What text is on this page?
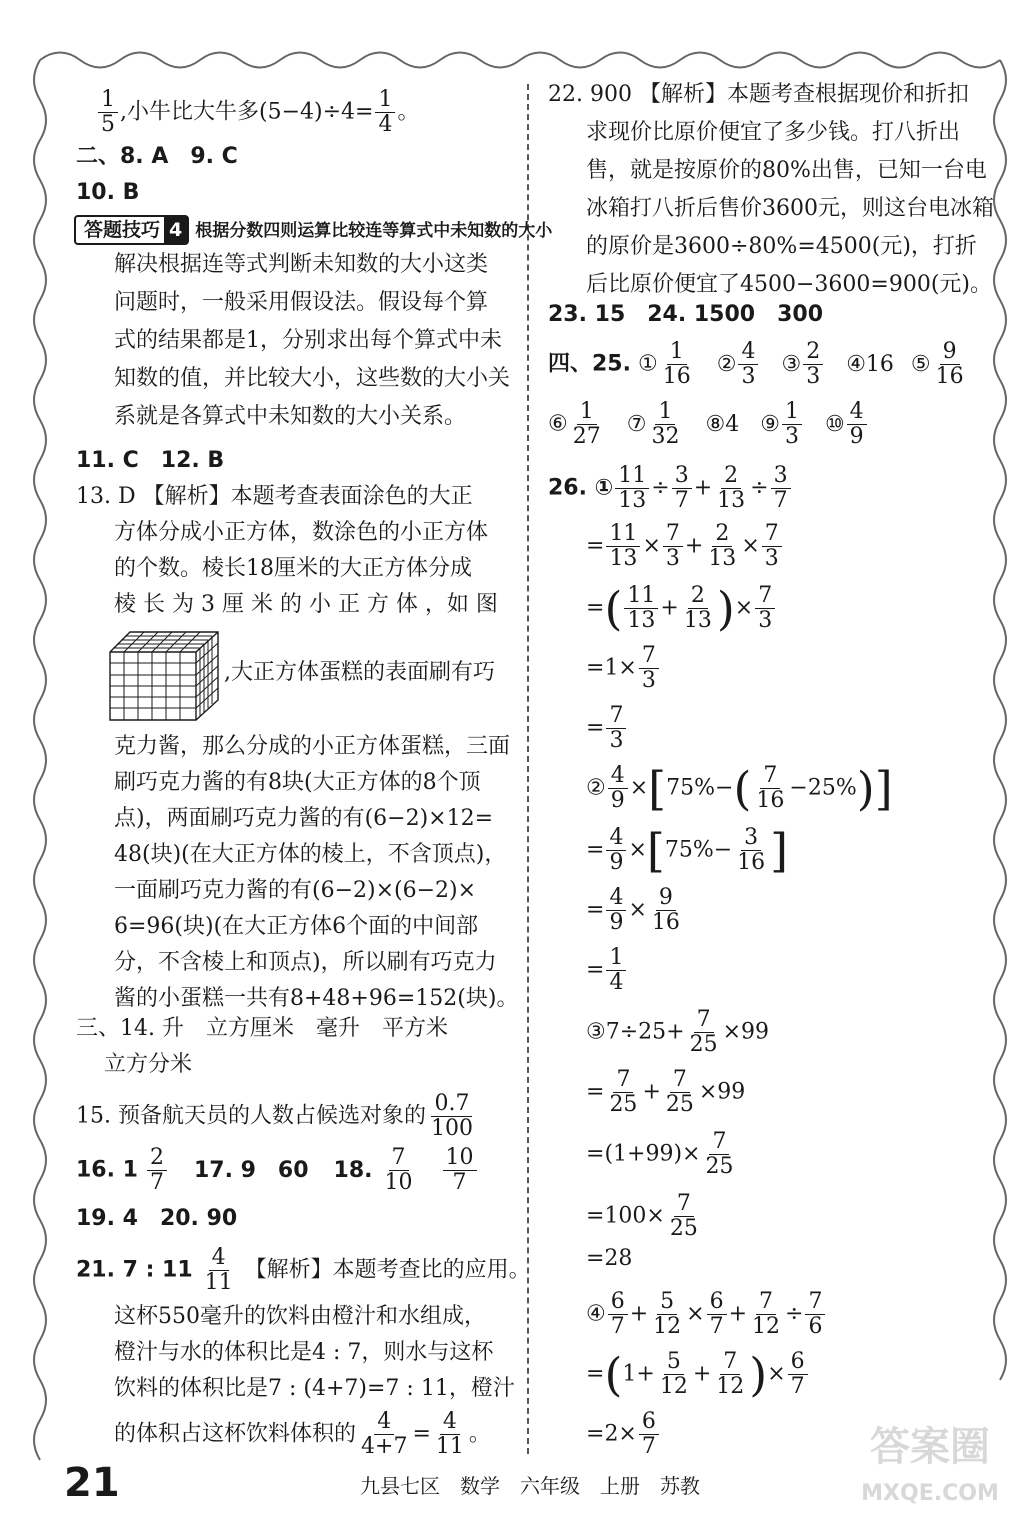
$\frac{1}{5}$ ,小牛比大牛多$(5-4)\div 4= \frac{1}{4}$ 。
二、8. A　9. C
10. B
答题技巧 4 根据分数四则运算比较连等算式中未知数的大小
解决根据连等式判断未知数的大小这类
问题时，一般采用假设法。假设每个算
式的结果都是1，分别求出每个算式中未
知数的值，并比较大小，这些数的大小关
系就是各算式中未知数的大小关系。
11. C　12. B
13. D 【解析】本题考查表面涂色的大正
方体分成小正方体，数涂色的小正方体
的个数。棱长18厘米的大正方体分成
棱 长 为 3 厘 米 的 小 正 方 体 ，如 图
,大正方体蛋糕的表面刷有巧
克力酱，那么分成的小正方体蛋糕，三面
刷巧克力酱的有8块(大正方体的8个顶
点)，两面刷巧克力酱的有(6−2)×12=
48(块)(在大正方体的棱上，不含顶点)，
一面刷巧克力酱的有(6−2)×(6−2)×
6=96(块)(在大正方体6个面的中间部
分，不含棱上和顶点)，所以刷有巧克力
酱的小蛋糕一共有8+48+96=152(块)。
三、14. 升　立方厘米　毫升　平方米
立方分米
15. 预备航天员的人数占候选对象的 $\frac{0.7}{100}$
16. $1 \frac{2}{7} 17$. 9　60 18. $\frac{7}{10}$
$\frac{10}{7}$
19. 4　20. 90
21. 7 : $11 \frac{4}{11}$ 【解析】本题考查比的应用。
这杯550毫升的饮料由橙汁和水组成，
橙汁与水的体积比是4 : 7，则水与这杯
饮料的体积比是7 : (4+7)=7 : 11，橙汁
的体积占这杯饮料体积的 $\frac{4}{4+7} = \frac{4}{11}$ 。
22. 900 【解析】本题考查根据现价和折扣
求现价比原价便宜了多少钱。打八折出
售，就是按原价的80%出售，已知一台电
冰箱打八折后售价3600元，则这台电冰箱
的原价是3600÷80%=4500(元)，打折
后比原价便宜了4500−3600=900(元)。
23. 15　24. 1500　300
四、25. ① $\frac{1}{16}$ ② $\frac{4}{3}$ ③ $\frac{2}{3}$ ④16 ⑤ $\frac{9}{16}$
⑥ $\frac{1}{27}$ ⑦ $\frac{1}{32}$ ⑧4 ⑨ $\frac{1}{3}$ ⑩ $\frac{4}{9}$
26. ① $\frac{11}{13} \div \frac{3}{7} + \frac{2}{13} \div \frac{3}{7}$
= $\frac{11}{13} \times \frac{7}{3} + \frac{2}{13} \times \frac{7}{3}$
=( $\frac{11}{13} + \frac{2}{13}$ )× $\frac{7}{3}$
$=1\times \frac{7}{3}$
= $\frac{7}{3}$
② $\frac{4}{9} \times[75\%-( \frac{7}{16} -25\%)]$
= $\frac{4}{9} \times[75\%- \frac{3}{16}$ ]
= $\frac{4}{9} \times \frac{9}{16}$
= $\frac{1}{4}$
③7÷25+ $\frac{7}{25} \times 99$
= $\frac{7}{25} + \frac{7}{25} \times 99$
$=(1+99)\times \frac{7}{25}$
$=100\times \frac{7}{25}$
=28
④ $\frac{6}{7} + \frac{5}{12} \times \frac{6}{7} + \frac{7}{12} \div \frac{7}{6}$
$=(1+ \frac{5}{12} + \frac{7}{12}$ )× $\frac{6}{7}$
$=2\times \frac{6}{7}$
21	九县七区　数学　六年级　上册　苏教
答案圈
MXQE.COM
